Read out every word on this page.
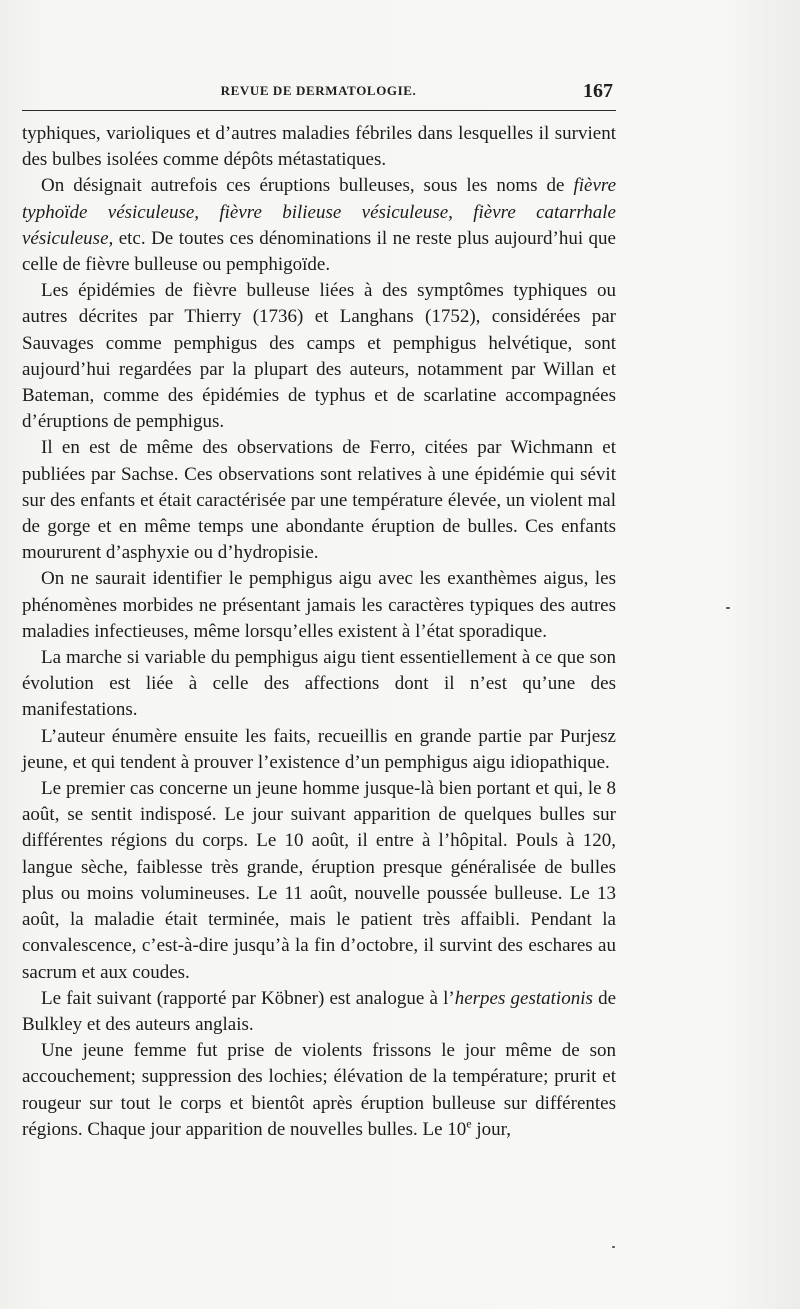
REVUE DE DERMATOLOGIE.	167

typhiques, varioliques et d’autres maladies fébriles dans lesquelles il survient des bulbes isolées comme dépôts métastatiques.

On désignait autrefois ces éruptions bulleuses, sous les noms de fièvre typhoïde vésiculeuse, fièvre bilieuse vésiculeuse, fièvre catarrhale vésiculeuse, etc. De toutes ces dénominations il ne reste plus aujourd’hui que celle de fièvre bulleuse ou pemphigoïde.

Les épidémies de fièvre bulleuse liées à des symptômes typhiques ou autres décrites par Thierry (1736) et Langhans (1752), considérées par Sauvages comme pemphigus des camps et pemphigus helvétique, sont aujourd’hui regardées par la plupart des auteurs, notamment par Willan et Bateman, comme des épidémies de typhus et de scarlatine accompagnées d’éruptions de pemphigus.

Il en est de même des observations de Ferro, citées par Wichmann et publiées par Sachse. Ces observations sont relatives à une épidémie qui sévit sur des enfants et était caractérisée par une température élevée, un violent mal de gorge et en même temps une abondante éruption de bulles. Ces enfants moururent d’asphyxie ou d’hydropisie.

On ne saurait identifier le pemphigus aigu avec les exanthèmes aigus, les phénomènes morbides ne présentant jamais les caractères typiques des autres maladies infectieuses, même lorsqu’elles existent à l’état sporadique.

La marche si variable du pemphigus aigu tient essentiellement à ce que son évolution est liée à celle des affections dont il n’est qu’une des manifestations.

L’auteur énumère ensuite les faits, recueillis en grande partie par Purjesz jeune, et qui tendent à prouver l’existence d’un pemphigus aigu idiopathique.

Le premier cas concerne un jeune homme jusque-là bien portant et qui, le 8 août, se sentit indisposé. Le jour suivant apparition de quelques bulles sur différentes régions du corps. Le 10 août, il entre à l’hôpital. Pouls à 120, langue sèche, faiblesse très grande, éruption presque généralisée de bulles plus ou moins volumineuses. Le 11 août, nouvelle poussée bulleuse. Le 13 août, la maladie était terminée, mais le patient très affaibli. Pendant la convalescence, c’est-à-dire jusqu’à la fin d’octobre, il survint des eschares au sacrum et aux coudes.

Le fait suivant (rapporté par Köbner) est analogue à l’herpes gestationis de Bulkley et des auteurs anglais.

Une jeune femme fut prise de violents frissons le jour même de son accouchement; suppression des lochies; élévation de la température; prurit et rougeur sur tout le corps et bientôt après éruption bulleuse sur différentes régions. Chaque jour apparition de nouvelles bulles. Le 10e jour,
